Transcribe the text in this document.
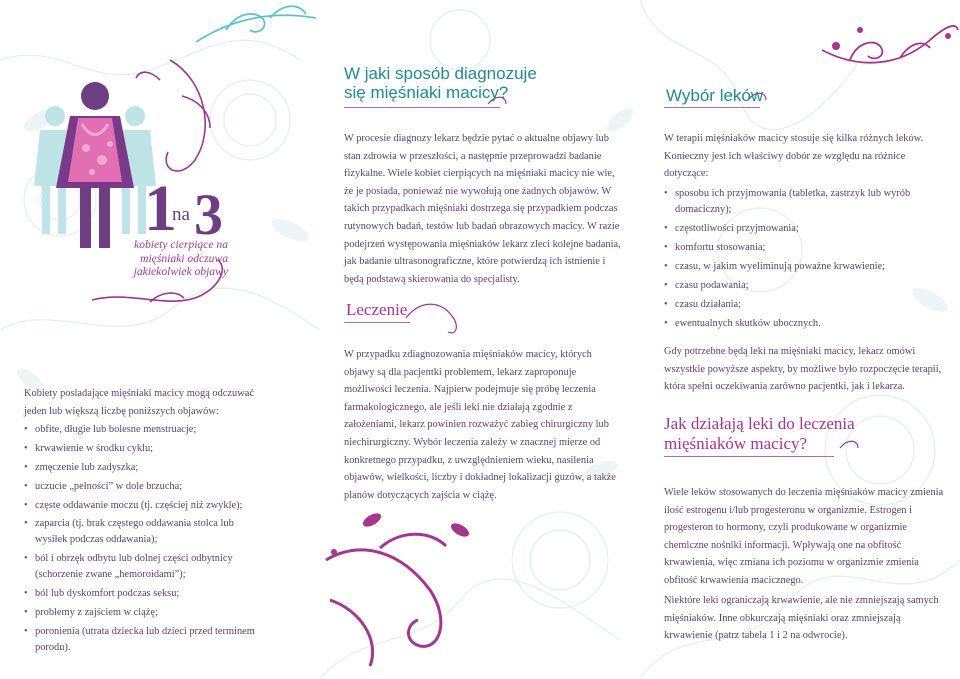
1
na 3
kobiety cierpiące na
mięśniaki odczuwa
jakiekolwiek objawy
Kobiety posiadające mięśniaki macicy mogą odczuwać jeden lub większą liczbę poniższych objawów:
• obfite, długie lub bolesne menstruacje;
• krwawienie w środku cyklu;
• zmęczenie lub zadyszka;
• uczucie „pełności” w dole brzucha;
• częste oddawanie moczu (tj. częściej niż zwykle);
• zaparcia (tj. brak częstego oddawania stolca lub wysiłek podczas oddawania);
• ból i obrzęk odbytu lub dolnej części odbytnicy (schorzenie zwane „hemoroidami”);
• ból lub dyskomfort podczas seksu;
• problemy z zajściem w ciążę;
• poronienia (utrata dziecka lub dzieci przed terminem porodu).
W jaki sposób diagnozuje
się mięśniaki macicy?
W procesie diagnozy lekarz będzie pytać o aktualne objawy lub stan zdrowia w przeszłości, a następnie przeprowadzi badanie fizykalne. Wiele kobiet cierpiących na mięśniaki macicy nie wie, że je posiada, ponieważ nie wywołują one żadnych objawów. W takich przypadkach mięśniaki dostrzega się przypadkiem podczas rutynowych badań, testów lub badań obrazowych macicy. W razie podejrzeń występowania mięśniaków lekarz zleci kolejne badania, jak badanie ultrasonograficzne, które potwierdzą ich istnienie i będą podstawą skierowania do specjalisty.
Leczenie
W przypadku zdiagnozowania mięśniaków macicy, których objawy są dla pacjentki problemem, lekarz zaproponuje możliwości leczenia. Najpierw podejmuje się próbę leczenia farmakologicznego, ale jeśli leki nie działają zgodnie z założeniami, lekarz powinien rozważyć zabieg chirurgiczny lub niechirurgiczny. Wybór leczenia zależy w znacznej mierze od konkretnego przypadku, z uwzględnieniem wieku, nasilenia objawów, wielkości, liczby i dokładnej lokalizacji guzów, a także planów dotyczących zajścia w ciążę.
Wybór leków
W terapii mięśniaków macicy stosuje się kilka różnych leków. Konieczny jest ich właściwy dobór ze względu na różnice dotyczące:
• sposobu ich przyjmowania (tabletka, zastrzyk lub wyrób domaciczny);
• częstotliwości przyjmowania;
• komfortu stosowania;
• czasu, w jakim wyeliminują poważne krwawienie;
• czasu podawania;
• czasu działania;
• ewentualnych skutków ubocznych.
Gdy potrzebne będą leki na mięśniaki macicy, lekarz omówi wszystkie powyższe aspekty, by możliwe było rozpoczęcie terapii, która spełni oczekiwania zarówno pacjentki, jak i lekarza.
Jak działają leki do leczenia
mięśniaków macicy?
Wiele leków stosowanych do leczenia mięśniaków macicy zmienia ilość estrogenu i/lub progesteronu w organizmie. Estrogen i progesteron to hormony, czyli produkowane w organizmie chemiczne nośniki informacji. Wpływają one na obfitość krwawienia, więc zmiana ich poziomu w organizmie zmienia obfitość krwawienia macicznego.
Niektóre leki ograniczają krwawienie, ale nie zmniejszają samych mięśniaków. Inne obkurczają mięśniaki oraz zmniejszają krwawienie (patrz tabela 1 i 2 na odwrocie).
